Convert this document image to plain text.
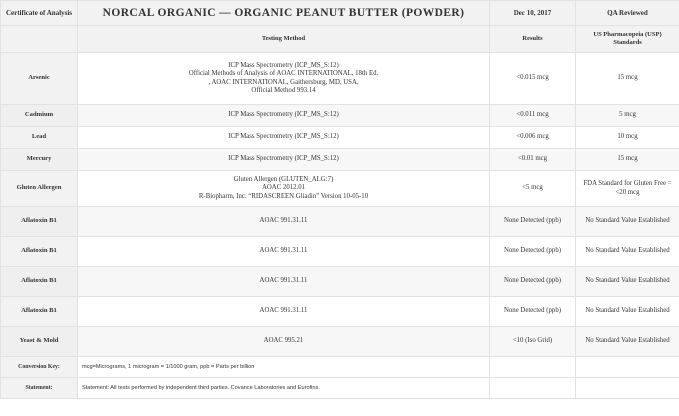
Certificate of Analysis	NORCAL ORGANIC — ORGANIC PEANUT BUTTER (POWDER)	Dec 10, 2017	QA Reviewed
	Testing Method	Results	US Pharmacopeia (USP) Standards
Arsenic	ICP Mass Spectrometry (ICP_MS_S:12)
Official Methods of Analysis of AOAC INTERNATIONAL, 18th Ed.
, AOAC INTERNATIONAL, Gaithersburg, MD, USA,
Official Method 993.14	<0.015 mcg	15 mcg
Cadmium	ICP Mass Spectrometry (ICP_MS_S:12)	<0.011 mcg	5 mcg
Lead	ICP Mass Spectrometry (ICP_MS_S:12)	<0.006 mcg	10 mcg
Mercury	ICP Mass Spectrometry (ICP_MS_S:12)	<0.01 mcg	15 mcg
Gluten Allergen	Gluten Allergen (GLUTEN_ALG:7)
AOAC 2012.01
R-Biopharm, Inc. “RIDASCREEN Gliadin” Version 10-05-10	<5 mcg	FDA Standard for Gluten Free = <20 mcg
Aflatoxin B1	AOAC 991.31.11	None Detected (ppb)	No Standard Value Established
Aflatoxin B1	AOAC 991.31.11	None Detected (ppb)	No Standard Value Established
Aflatoxin B1	AOAC 991.31.11	None Detected (ppb)	No Standard Value Established
Aflatoxin B1	AOAC 991.31.11	None Detected (ppb)	No Standard Value Established
Yeast & Mold	AOAC 995.21	<10 (Iso Grid)	No Standard Value Established
Conversion Key:	mcg=Micrograms, 1 microgram = 1/1000 gram, ppb = Parts per billion		
Statement:	Statement: All tests performed by independent third parties. Covance Laboratories and Eurofins.		
